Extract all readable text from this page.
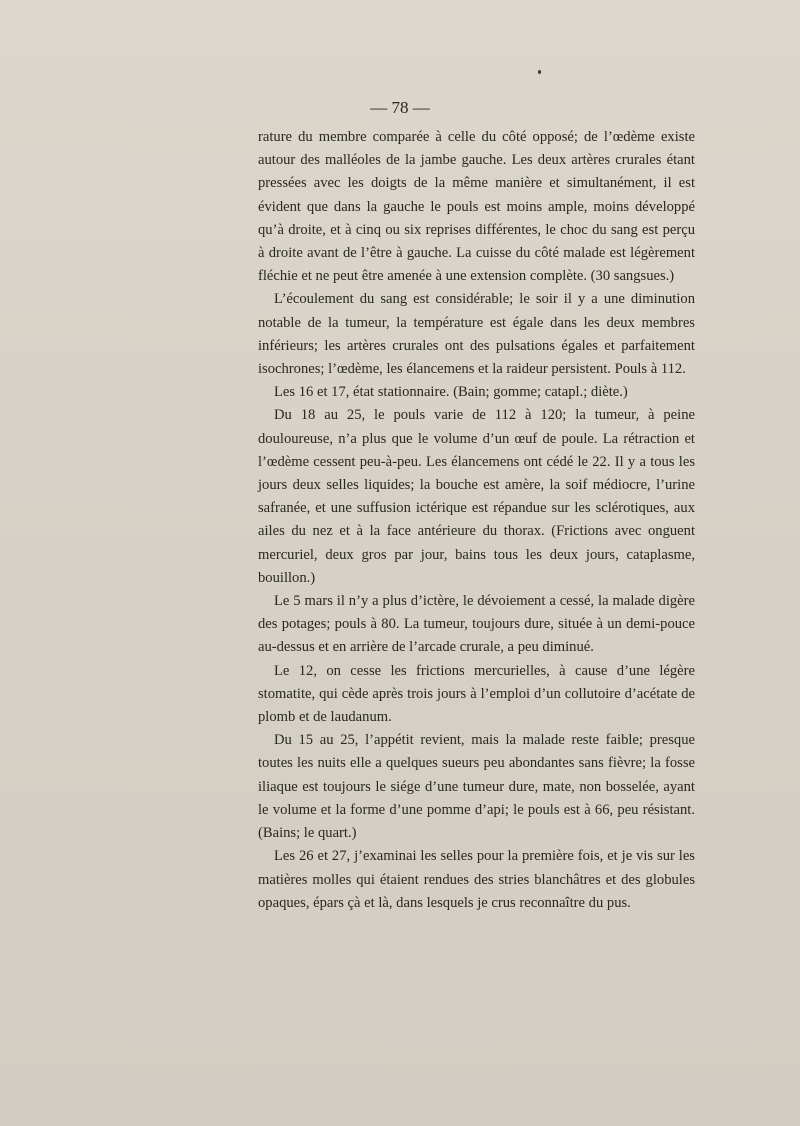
— 78 —

rature du membre comparée à celle du côté opposé; de l’œdème existe autour des malléoles de la jambe gauche. Les deux artères crurales étant pressées avec les doigts de la même manière et simultanément, il est évident que dans la gauche le pouls est moins ample, moins développé qu’à droite, et à cinq ou six reprises différentes, le choc du sang est perçu à droite avant de l’être à gauche. La cuisse du côté malade est légèrement fléchie et ne peut être amenée à une extension complète. (30 sangsues.)

L’écoulement du sang est considérable; le soir il y a une diminution notable de la tumeur, la température est égale dans les deux membres inférieurs; les artères crurales ont des pulsations égales et parfaitement isochrones; l’œdème, les élancemens et la raideur persistent. Pouls à 112.

Les 16 et 17, état stationnaire. (Bain; gomme; catapl.; diète.)

Du 18 au 25, le pouls varie de 112 à 120; la tumeur, à peine douloureuse, n’a plus que le volume d’un œuf de poule. La rétraction et l’œdème cessent peu-à-peu. Les élancemens ont cédé le 22. Il y a tous les jours deux selles liquides; la bouche est amère, la soif médiocre, l’urine safranée, et une suffusion ictérique est répandue sur les sclérotiques, aux ailes du nez et à la face antérieure du thorax. (Frictions avec onguent mercuriel, deux gros par jour, bains tous les deux jours, cataplasme, bouillon.)

Le 5 mars il n’y a plus d’ictère, le dévoiement a cessé, la malade digère des potages; pouls à 80. La tumeur, toujours dure, située à un demi-pouce au-dessus et en arrière de l’arcade crurale, a peu diminué.

Le 12, on cesse les frictions mercurielles, à cause d’une légère stomatite, qui cède après trois jours à l’emploi d’un collutoire d’acétate de plomb et de laudanum.

Du 15 au 25, l’appétit revient, mais la malade reste faible; presque toutes les nuits elle a quelques sueurs peu abondantes sans fièvre; la fosse iliaque est toujours le siége d’une tumeur dure, mate, non bosselée, ayant le volume et la forme d’une pomme d’api; le pouls est à 66, peu résistant. (Bains; le quart.)

Les 26 et 27, j’examinai les selles pour la première fois, et je vis sur les matières molles qui étaient rendues des stries blanchâtres et des globules opaques, épars çà et là, dans lesquels je crus reconnaître du pus.
